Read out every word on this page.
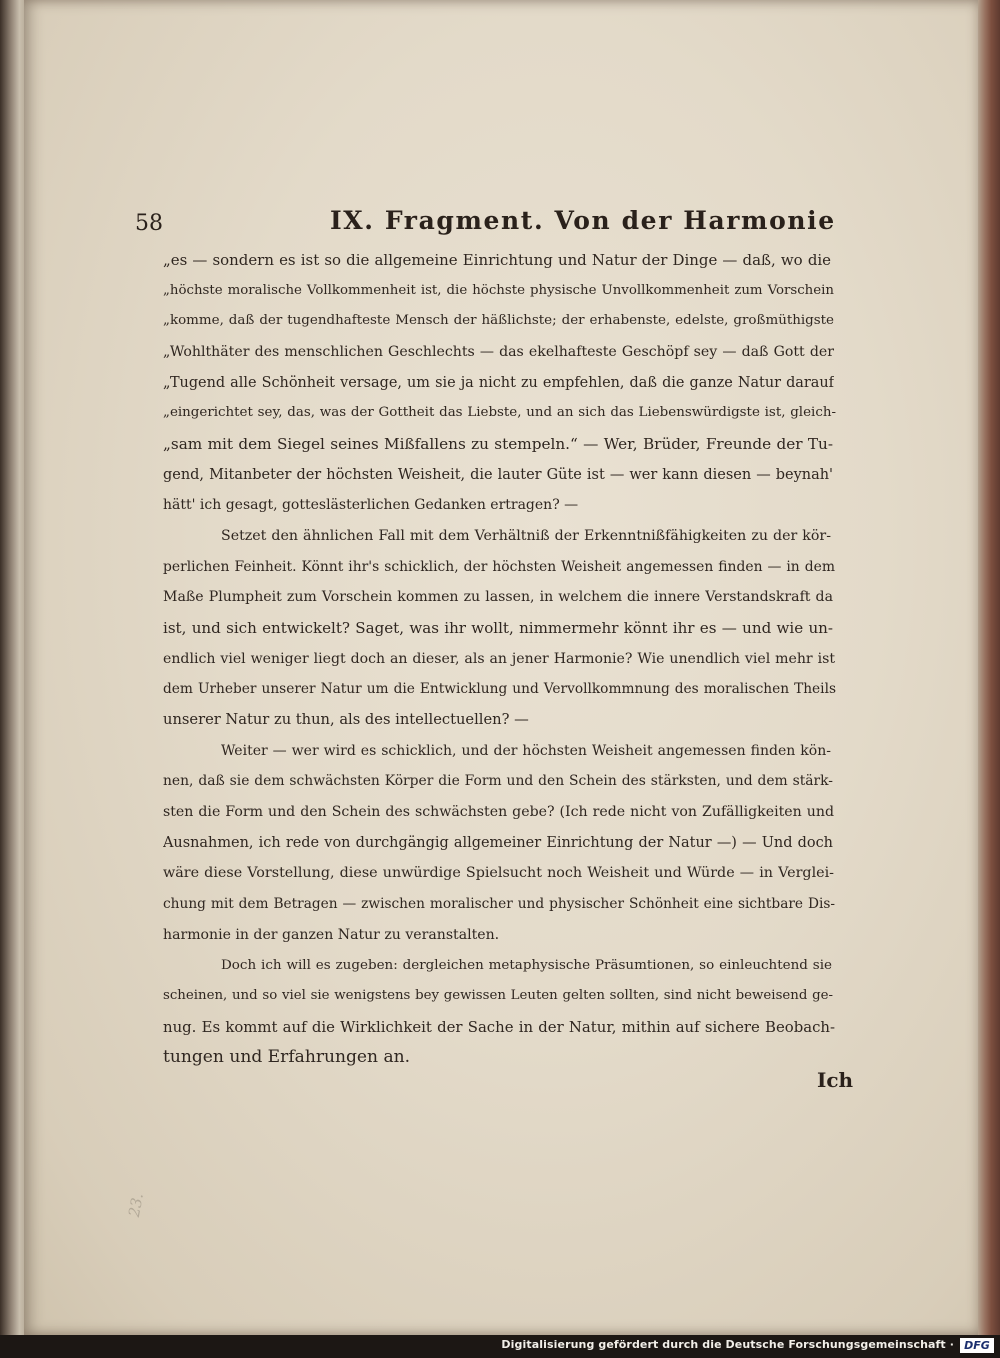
58	IX. Fragment. Von der Harmonie
„es — sondern es ist so die allgemeine Einrichtung und Natur der Dinge — daß, wo die
„höchste moralische Vollkommenheit ist, die höchste physische Unvollkommenheit zum Vorschein
„komme, daß der tugendhafteste Mensch der häßlichste; der erhabenste, edelste, großmüthigste
„Wohlthäter des menschlichen Geschlechts — das ekelhafteste Geschöpf sey — daß Gott der
„Tugend alle Schönheit versage, um sie ja nicht zu empfehlen, daß die ganze Natur darauf
„eingerichtet sey, das, was der Gottheit das Liebste, und an sich das Liebenswürdigste ist, gleich-
„sam mit dem Siegel seines Mißfallens zu stempeln.“ — Wer, Brüder, Freunde der Tu-
gend, Mitanbeter der höchsten Weisheit, die lauter Güte ist — wer kann diesen — beynah'
hätt' ich gesagt, gotteslästerlichen Gedanken ertragen? —
Setzet den ähnlichen Fall mit dem Verhältniß der Erkenntnißfähigkeiten zu der kör-
perlichen Feinheit. Könnt ihr's schicklich, der höchsten Weisheit angemessen finden — in dem
Maße Plumpheit zum Vorschein kommen zu lassen, in welchem die innere Verstandskraft da
ist, und sich entwickelt? Saget, was ihr wollt, nimmermehr könnt ihr es — und wie un-
endlich viel weniger liegt doch an dieser, als an jener Harmonie? Wie unendlich viel mehr ist
dem Urheber unserer Natur um die Entwicklung und Vervollkommnung des moralischen Theils
unserer Natur zu thun, als des intellectuellen? —
Weiter — wer wird es schicklich, und der höchsten Weisheit angemessen finden kön-
nen, daß sie dem schwächsten Körper die Form und den Schein des stärksten, und dem stärk-
sten die Form und den Schein des schwächsten gebe? (Ich rede nicht von Zufälligkeiten und
Ausnahmen, ich rede von durchgängig allgemeiner Einrichtung der Natur —) — Und doch
wäre diese Vorstellung, diese unwürdige Spielsucht noch Weisheit und Würde — in Verglei-
chung mit dem Betragen — zwischen moralischer und physischer Schönheit eine sichtbare Dis-
harmonie in der ganzen Natur zu veranstalten.
Doch ich will es zugeben: dergleichen metaphysische Präsumtionen, so einleuchtend sie
scheinen, und so viel sie wenigstens bey gewissen Leuten gelten sollten, sind nicht beweisend ge-
nug. Es kommt auf die Wirklichkeit der Sache in der Natur, mithin auf sichere Beobach-
tungen und Erfahrungen an.
Ich
23.
Digitalisierung gefördert durch die Deutsche Forschungsgemeinschaft · DFG
